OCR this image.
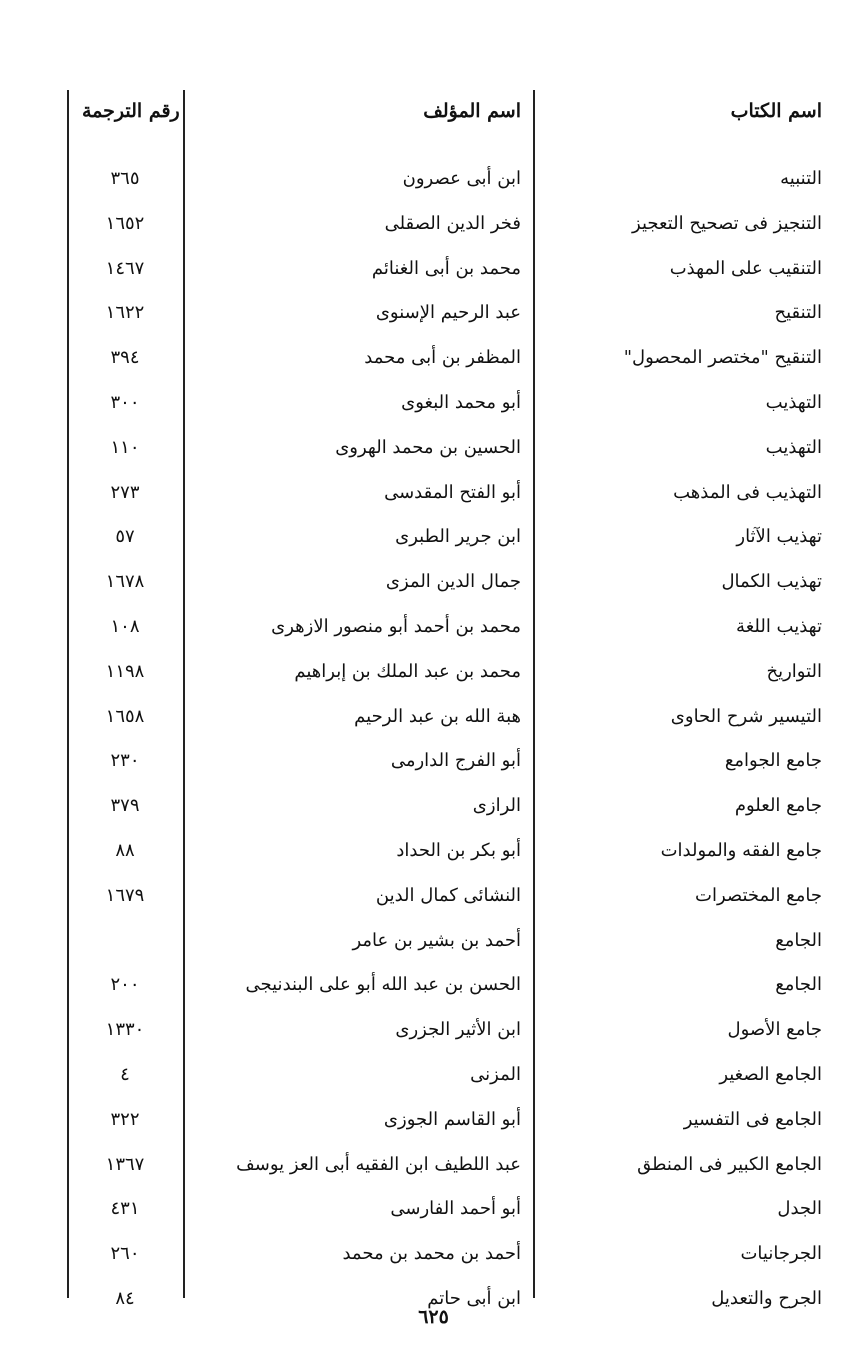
اسم الكتاب
اسم المؤلف
رقم الترجمة
التنبيه
ابن أبى عصرون
٣٦٥
التنجيز فى تصحيح التعجيز
فخر الدين الصقلى
١٦٥٢
التنقيب على المهذب
محمد بن أبى الغنائم
١٤٦٧
التنقيح
عبد الرحيم الإسنوى
١٦٢٢
التنقيح "مختصر المحصول"
المظفر بن أبى محمد
٣٩٤
التهذيب
أبو محمد البغوى
٣٠٠
التهذيب
الحسين بن محمد الهروى
١١٠
التهذيب فى المذهب
أبو الفتح المقدسى
٢٧٣
تهذيب الآثار
ابن جرير الطبرى
٥٧
تهذيب الكمال
جمال الدين المزى
١٦٧٨
تهذيب اللغة
محمد بن أحمد أبو منصور الازهرى
١٠٨
التواريخ
محمد بن عبد الملك بن إبراهيم
١١٩٨
التيسير شرح الحاوى
هبة الله بن عبد الرحيم
١٦٥٨
جامع الجوامع
أبو الفرج الدارمى
٢٣٠
جامع العلوم
الرازى
٣٧٩
جامع الفقه والمولدات
أبو بكر بن الحداد
٨٨
جامع المختصرات
النشائى كمال الدين
١٦٧٩
الجامع
أحمد بن بشير بن عامر
الجامع
الحسن بن عبد الله أبو على البندنيجى
٢٠٠
جامع الأصول
ابن الأثير الجزرى
١٣٣٠
الجامع الصغير
المزنى
٤
الجامع فى التفسير
أبو القاسم الجوزى
٣٢٢
الجامع الكبير فى المنطق
عبد اللطيف ابن الفقيه أبى العز يوسف
١٣٦٧
الجدل
أبو أحمد الفارسى
٤٣١
الجرجانيات
أحمد بن محمد بن محمد
٢٦٠
الجرح والتعديل
ابن أبى حاتم
٨٤
٦٢٥
